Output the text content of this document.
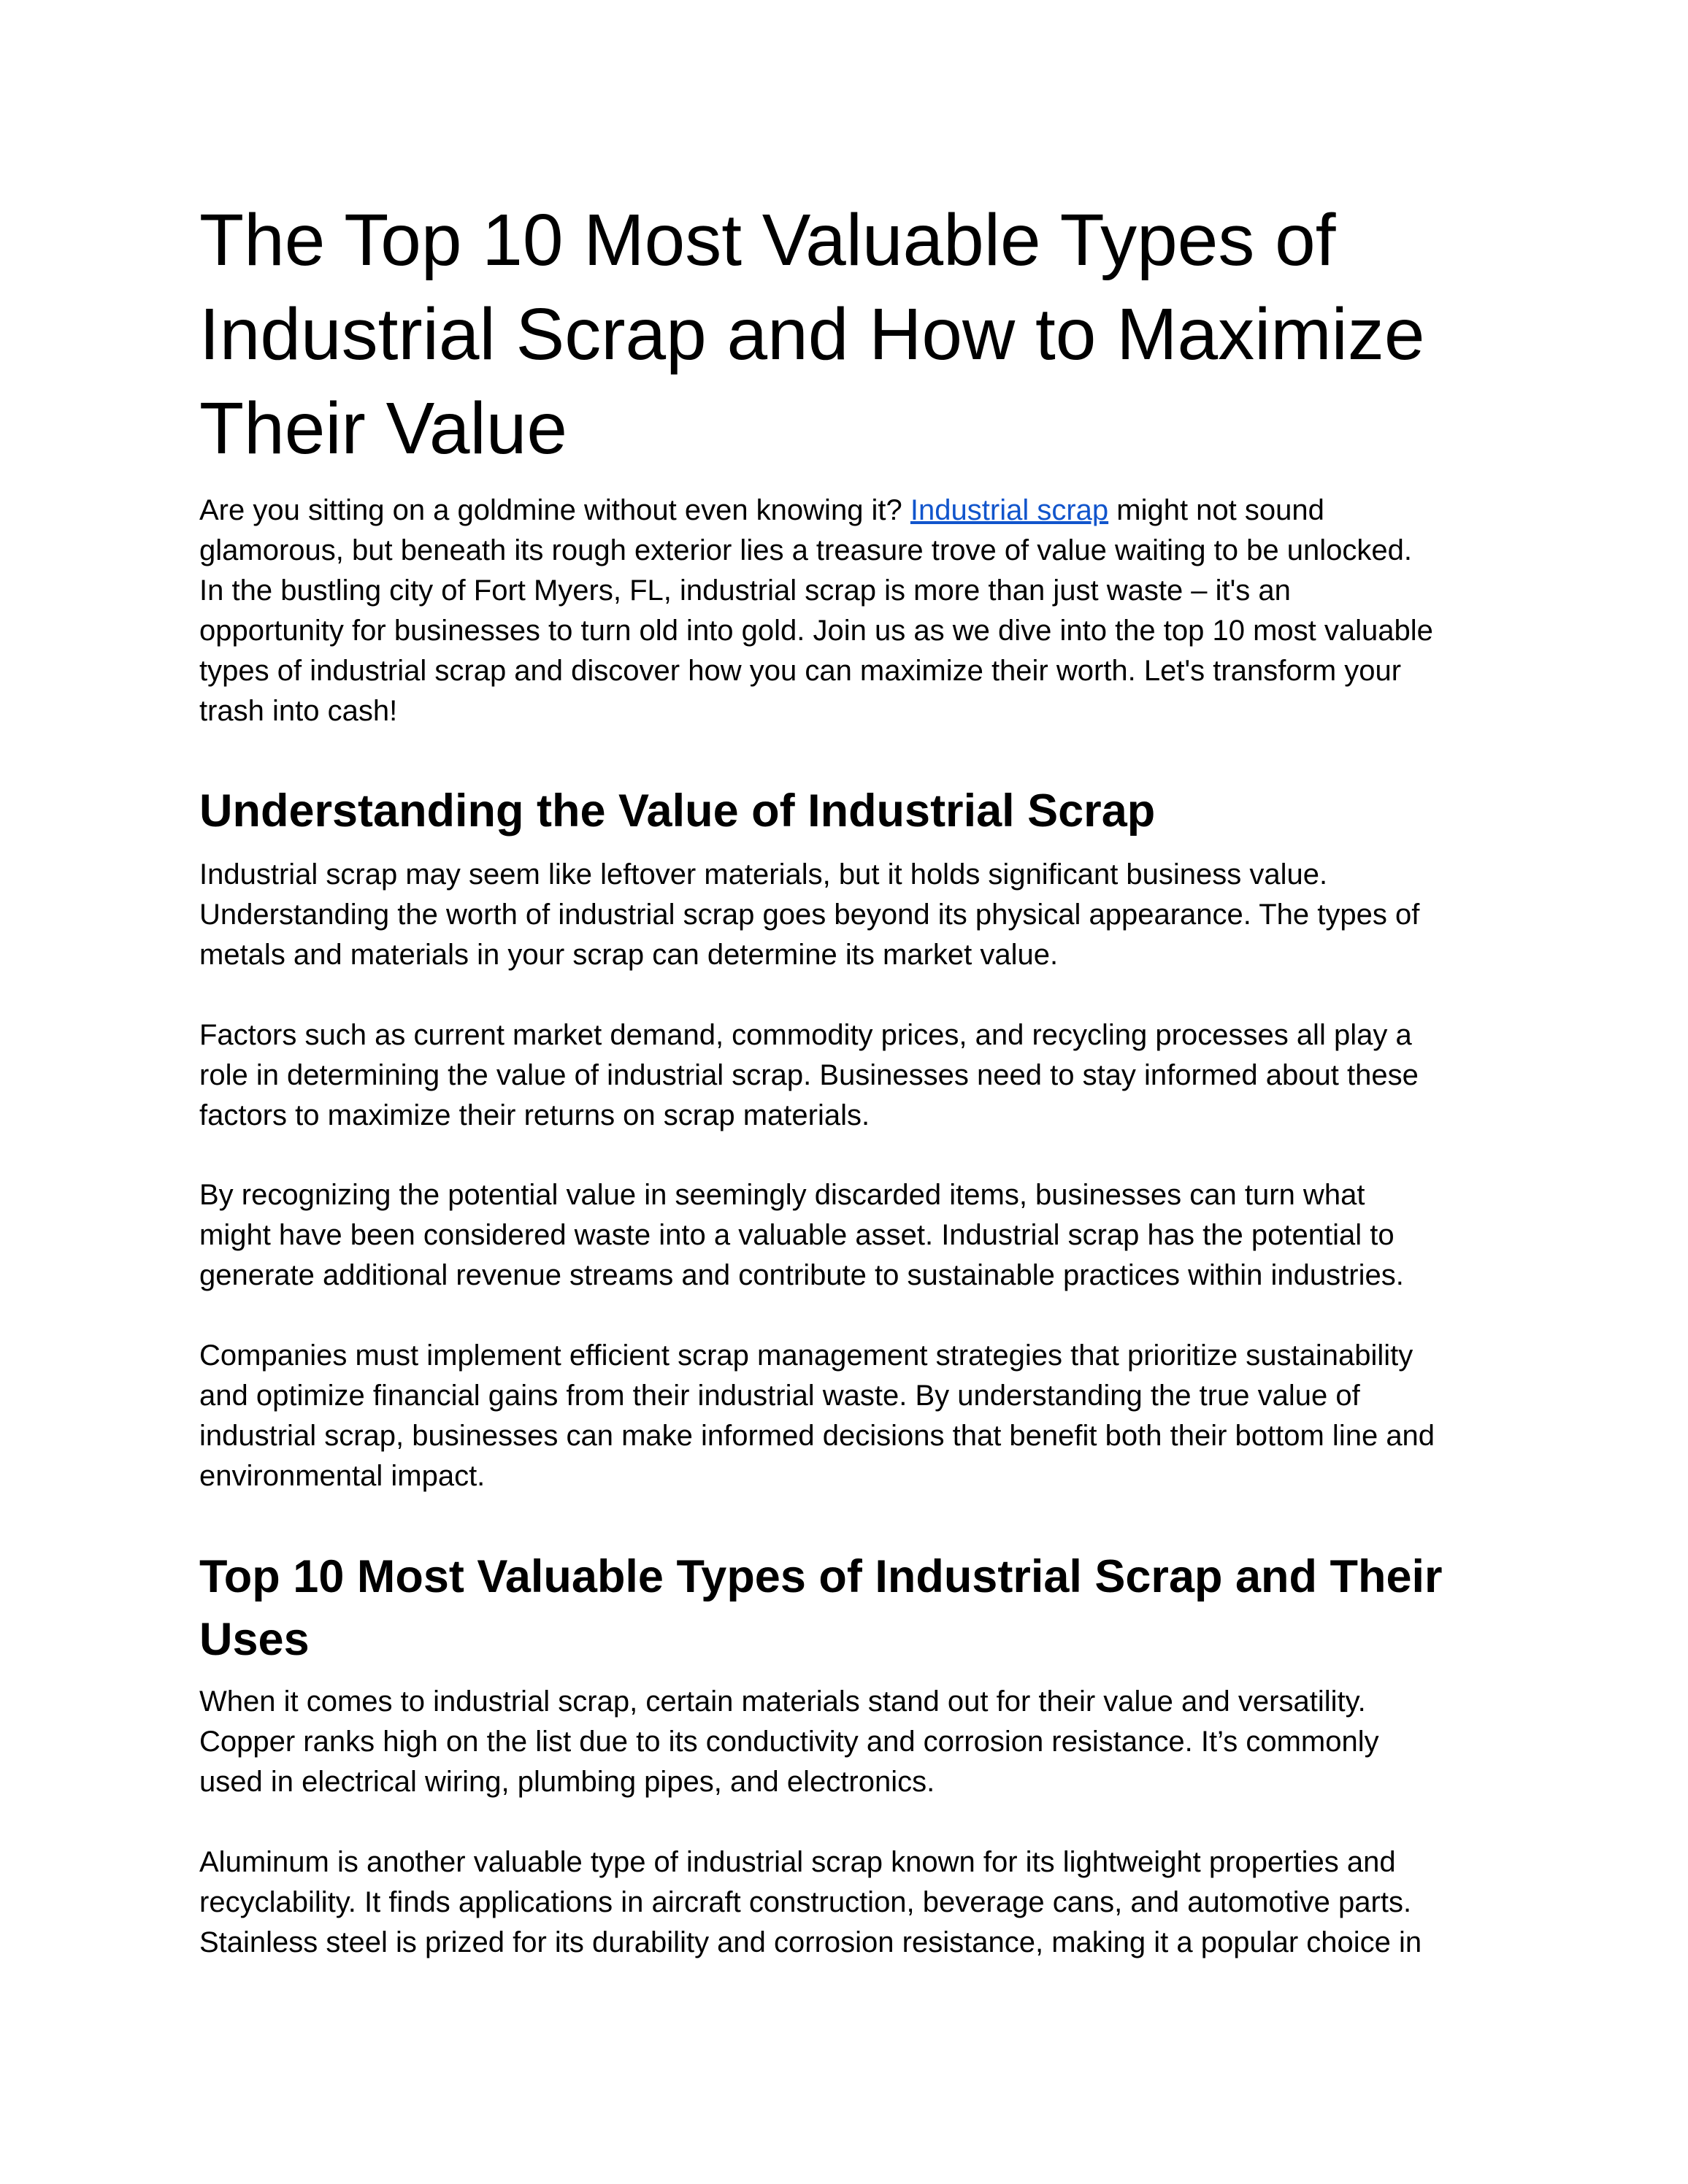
The Top 10 Most Valuable Types of
Industrial Scrap and How to Maximize
Their Value
Are you sitting on a goldmine without even knowing it? Industrial scrap might not sound
glamorous, but beneath its rough exterior lies a treasure trove of value waiting to be unlocked.
In the bustling city of Fort Myers, FL, industrial scrap is more than just waste – it's an
opportunity for businesses to turn old into gold. Join us as we dive into the top 10 most valuable
types of industrial scrap and discover how you can maximize their worth. Let's transform your
trash into cash!
Understanding the Value of Industrial Scrap
Industrial scrap may seem like leftover materials, but it holds significant business value.
Understanding the worth of industrial scrap goes beyond its physical appearance. The types of
metals and materials in your scrap can determine its market value.
Factors such as current market demand, commodity prices, and recycling processes all play a
role in determining the value of industrial scrap. Businesses need to stay informed about these
factors to maximize their returns on scrap materials.
By recognizing the potential value in seemingly discarded items, businesses can turn what
might have been considered waste into a valuable asset. Industrial scrap has the potential to
generate additional revenue streams and contribute to sustainable practices within industries.
Companies must implement efficient scrap management strategies that prioritize sustainability
and optimize financial gains from their industrial waste. By understanding the true value of
industrial scrap, businesses can make informed decisions that benefit both their bottom line and
environmental impact.
Top 10 Most Valuable Types of Industrial Scrap and Their
Uses
When it comes to industrial scrap, certain materials stand out for their value and versatility.
Copper ranks high on the list due to its conductivity and corrosion resistance. It’s commonly
used in electrical wiring, plumbing pipes, and electronics.
Aluminum is another valuable type of industrial scrap known for its lightweight properties and
recyclability. It finds applications in aircraft construction, beverage cans, and automotive parts.
Stainless steel is prized for its durability and corrosion resistance, making it a popular choice in
